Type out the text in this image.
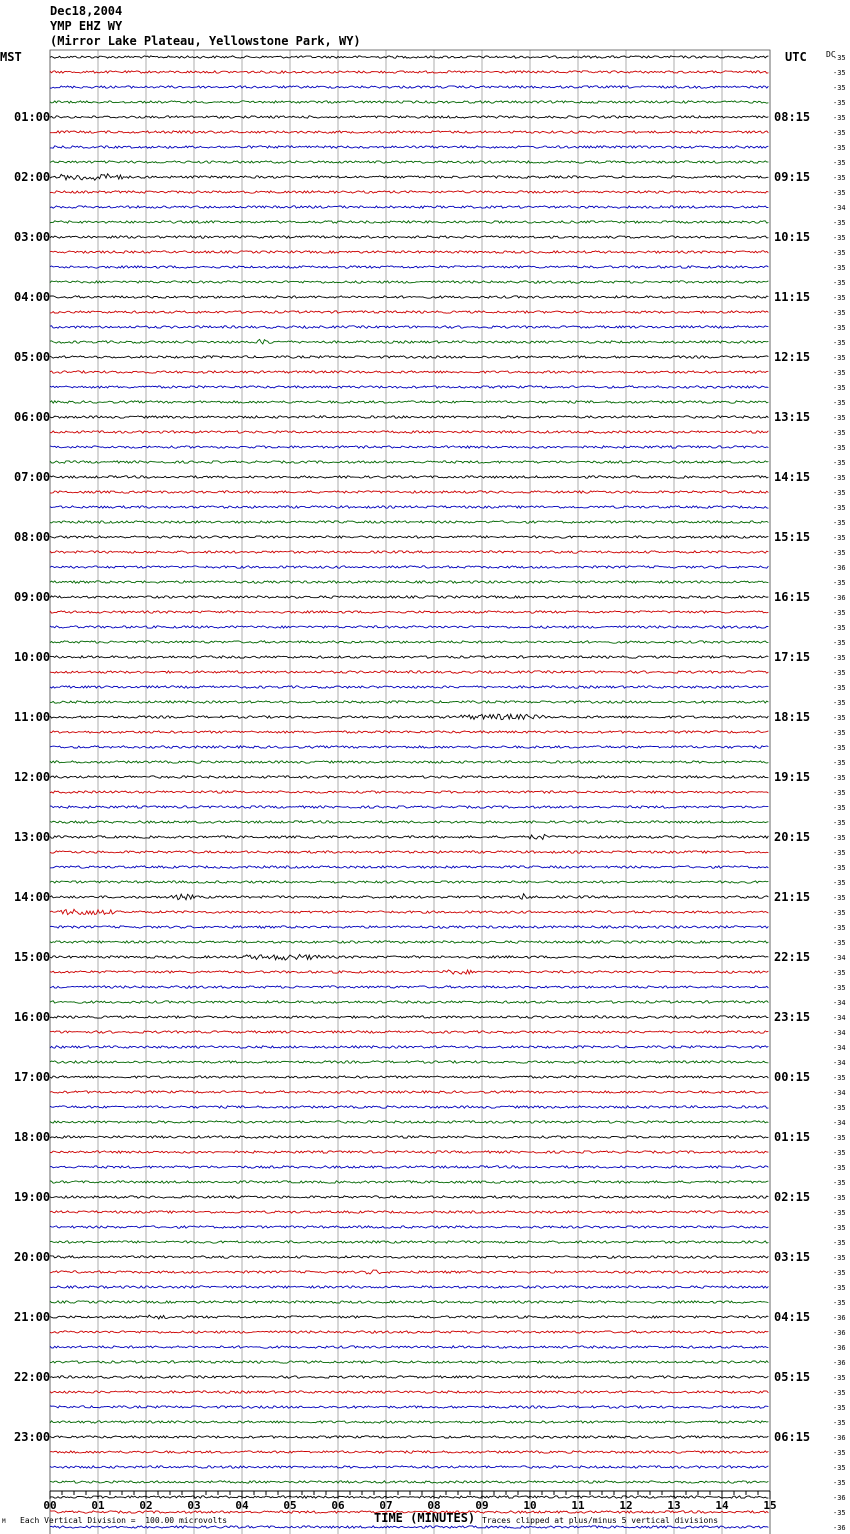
Dec18,2004
YMP EHZ WY
(Mirror Lake Plateau, Yellowstone Park, WY)
MST	UTC DC
01:00
02:00
03:00
04:00
05:00
06:00
07:00
08:00
09:00
10:00
11:00
12:00
13:00
14:00
15:00
16:00
17:00
18:00
19:00
20:00
21:00
22:00
23:00
08:15
09:15
10:15
11:15
12:15
13:15
14:15
15:15
16:15
17:15
18:15
19:15
20:15
21:15
22:15
23:15
00:15
01:15
02:15
03:15
04:15
05:15
06:15
-35
-35
-35
-35
-35
-35
-35
-35
-35
-35
-34
-35
-35
-35
-35
-35
-35
-35
-35
-35
-35
-35
-35
-35
-35
-35
-35
-35
-35
-35
-35
-35
-35
-35
-36
-35
-36
-35
-35
-35
-35
-35
-35
-35
-35
-35
-35
-35
-35
-35
-35
-35
-35
-35
-35
-35
-35
-35
-35
-35
-34
-35
-35
-34
-34
-34
-34
-34
-35
-34
-35
-34
-35
-35
-35
-35
-35
-35
-35
-35
-35
-35
-35
-35
-36
-36
-36
-36
-35
-35
-35
-35
-36
-35
-35
-35
-36
-35
-36
00	01	02	03	04	05	06	07	08	09	10	11	12	13	14	15
TIME (MINUTES)
Each Vertical Division =  100.00 microvolts	Traces clipped at plus/minus 5 vertical divisions
M
